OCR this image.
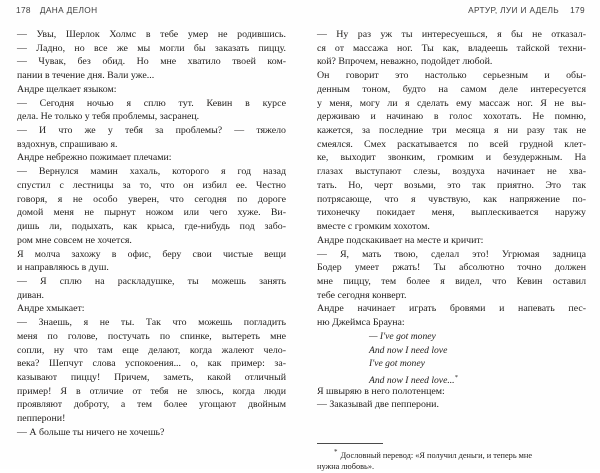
178 ДАНА ДЕЛОН	АРТУР, ЛУИ И АДЕЛЬ 179
— Увы, Шерлок Холмс в тебе умер не родившись.
— Ладно, но все же мы могли бы заказать пиццу.
— Чувак, без обид. Но мне хватило твоей ком-
пании в течение дня. Вали уже...
Андре щелкает языком:
— Сегодня ночью я сплю тут. Кевин в курсе
дела. Не только у тебя проблемы, засранец.
— И что же у тебя за проблемы? — тяжело
вздохнув, спрашиваю я.
Андре небрежно пожимает плечами:
— Вернулся мамин хахаль, которого я год назад
спустил с лестницы за то, что он избил ее. Честно
говоря, я не особо уверен, что сегодня по дороге
домой меня не пырнут ножом или чего хуже. Ви-
дишь ли, подыхать, как крыса, где-нибудь под забо-
ром мне совсем не хочется.
Я молча захожу в офис, беру свои чистые вещи
и направляюсь в душ.
— Я сплю на раскладушке, ты можешь занять
диван.
Андре хмыкает:
— Знаешь, я не ты. Так что можешь погладить
меня по голове, постучать по спинке, вытереть мне
сопли, ну что там еще делают, когда жалеют чело-
века? Шепчут слова успокоения... о, как пример: за-
казывают пиццу! Причем, заметь, какой отличный
пример! Я в отличие от тебя не злюсь, когда люди
проявляют доброту, а тем более угощают двойным
пепперони!
— А больше ты ничего не хочешь?
— Ну раз уж ты интересуешься, я бы не отказал-
ся от массажа ног. Ты как, владеешь тайской техни-
кой? Впрочем, неважно, подойдет любой.
Он говорит это настолько серьезным и обы-
денным тоном, будто на самом деле интересуется
у меня, могу ли я сделать ему массаж ног. Я не вы-
держиваю и начинаю в голос хохотать. Не помню,
кажется, за последние три месяца я ни разу так не
смеялся. Смех раскатывается по всей грудной клет-
ке, выходит звонким, громким и безудержным. На
глазах выступают слезы, воздуха начинает не хва-
тать. Но, черт возьми, это так приятно. Это так
потрясающе, что я чувствую, как напряжение по-
тихонечку покидает меня, выплескивается наружу
вместе с громким хохотом.
Андре подскакивает на месте и кричит:
— Я, мать твою, сделал это! Угрюмая задница
Бодер умеет ржать! Ты абсолютно точно должен
мне пиццу, тем более я видел, что Кевин оставил
тебе сегодня конверт.
Андре начинает играть бровями и напевать пес-
ню Джеймса Брауна:
— I've got money
And now I need love
I've got money
And now I need love...*
Я швыряю в него полотенцем:
— Заказывай две пепперони.
* Дословный перевод: «Я получил деньги, и теперь мне
нужна любовь».
